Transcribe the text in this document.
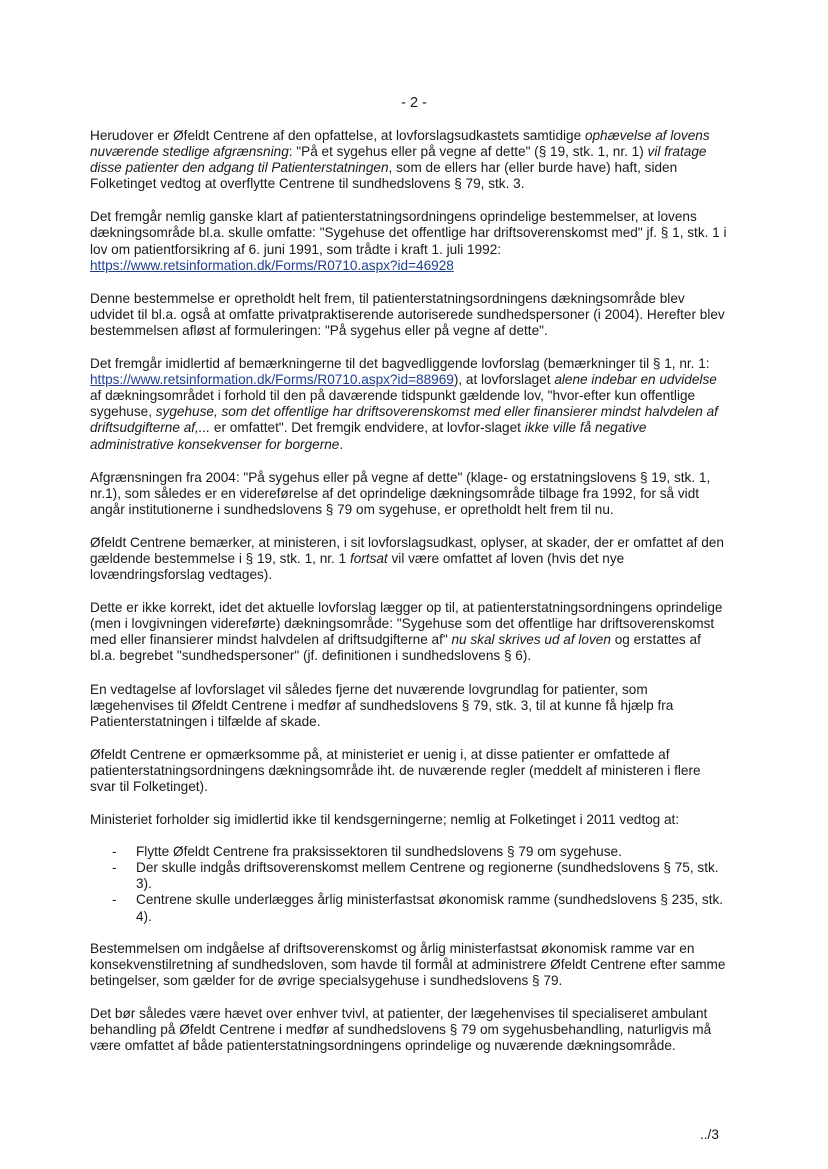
- 2 -

Herudover er Øfeldt Centrene af den opfattelse, at lovforslagsudkastets samtidige ophævelse af lovens nuværende stedlige afgrænsning: "På et sygehus eller på vegne af dette" (§ 19, stk. 1, nr. 1) vil fratage disse patienter den adgang til Patienterstatningen, som de ellers har (eller burde have) haft, siden Folketinget vedtog at overflytte Centrene til sundhedslovens § 79, stk. 3.

Det fremgår nemlig ganske klart af patienterstatningsordningens oprindelige bestemmelser, at lovens dækningsområde bl.a. skulle omfatte: "Sygehuse det offentlige har driftsoverenskomst med" jf. § 1, stk. 1 i lov om patientforsikring af 6. juni 1991, som trådte i kraft 1. juli 1992:
https://www.retsinformation.dk/Forms/R0710.aspx?id=46928

Denne bestemmelse er opretholdt helt frem, til patienterstatningsordningens dækningsområde blev udvidet til bl.a. også at omfatte privatpraktiserende autoriserede sundhedspersoner (i 2004). Herefter blev bestemmelsen afløst af formuleringen: "På sygehus eller på vegne af dette".

Det fremgår imidlertid af bemærkningerne til det bagvedliggende lovforslag (bemærkninger til § 1, nr. 1: https://www.retsinformation.dk/Forms/R0710.aspx?id=88969), at lovforslaget alene indebar en udvidelse af dækningsområdet i forhold til den på daværende tidspunkt gældende lov, "hvor-efter kun offentlige sygehuse, sygehuse, som det offentlige har driftsoverenskomst med eller finansierer mindst halvdelen af driftsudgifterne af,... er omfattet". Det fremgik endvidere, at lovfor-slaget ikke ville få negative administrative konsekvenser for borgerne.

Afgrænsningen fra 2004: "På sygehus eller på vegne af dette" (klage- og erstatningslovens § 19, stk. 1, nr.1), som således er en videreførelse af det oprindelige dækningsområde tilbage fra 1992, for så vidt angår institutionerne i sundhedslovens § 79 om sygehuse, er opretholdt helt frem til nu.

Øfeldt Centrene bemærker, at ministeren, i sit lovforslagsudkast, oplyser, at skader, der er omfattet af den gældende bestemmelse i § 19, stk. 1, nr. 1 fortsat vil være omfattet af loven (hvis det nye lovændringsforslag vedtages).

Dette er ikke korrekt, idet det aktuelle lovforslag lægger op til, at patienterstatningsordningens oprindelige (men i lovgivningen videreførte) dækningsområde: "Sygehuse som det offentlige har driftsoverenskomst med eller finansierer mindst halvdelen af driftsudgifterne af" nu skal skrives ud af loven og erstattes af bl.a. begrebet "sundhedspersoner" (jf. definitionen i sundhedslovens § 6).

En vedtagelse af lovforslaget vil således fjerne det nuværende lovgrundlag for patienter, som lægehenvises til Øfeldt Centrene i medfør af sundhedslovens § 79, stk. 3, til at kunne få hjælp fra Patienterstatningen i tilfælde af skade.

Øfeldt Centrene er opmærksomme på, at ministeriet er uenig i, at disse patienter er omfattede af patienterstatningsordningens dækningsområde iht. de nuværende regler (meddelt af ministeren i flere svar til Folketinget).

Ministeriet forholder sig imidlertid ikke til kendsgerningerne; nemlig at Folketinget i 2011 vedtog at:

- Flytte Øfeldt Centrene fra praksissektoren til sundhedslovens § 79 om sygehuse.
- Der skulle indgås driftsoverenskomst mellem Centrene og regionerne (sundhedslovens § 75, stk. 3).
- Centrene skulle underlægges årlig ministerfastsat økonomisk ramme (sundhedslovens § 235, stk. 4).

Bestemmelsen om indgåelse af driftsoverenskomst og årlig ministerfastsat økonomisk ramme var en konsekvenstilretning af sundhedsloven, som havde til formål at administrere Øfeldt Centrene efter samme betingelser, som gælder for de øvrige specialsygehuse i sundhedslovens § 79.

Det bør således være hævet over enhver tvivl, at patienter, der lægehenvises til specialiseret ambulant behandling på Øfeldt Centrene i medfør af sundhedslovens § 79 om sygehusbehandling, naturligvis må være omfattet af både patienterstatningsordningens oprindelige og nuværende dækningsområde.

../3
